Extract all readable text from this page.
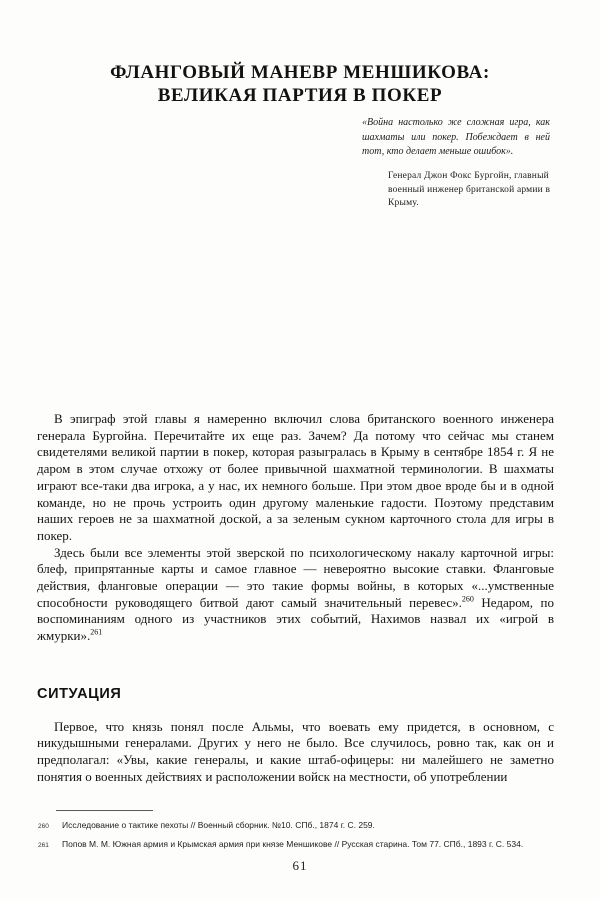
ФЛАНГОВЫЙ МАНЕВР МЕНШИКОВА:
ВЕЛИКАЯ ПАРТИЯ В ПОКЕР

«Война настолько же сложная игра, как шахматы или покер. Побеждает в ней тот, кто делает меньше ошибок».

Генерал Джон Фокс Бургойн, главный военный инженер британской армии в Крыму.

В эпиграф этой главы я намеренно включил слова британского военного инженера генерала Бургойна. Перечитайте их еще раз. Зачем? Да потому что сейчас мы станем свидетелями великой партии в покер, которая разыгралась в Крыму в сентябре 1854 г. Я не даром в этом случае отхожу от более привычной шахматной терминологии. В шахматы играют все-таки два игрока, а у нас, их немного больше. При этом двое вроде бы и в одной команде, но не прочь устроить один другому маленькие гадости. Поэтому представим наших героев не за шахматной доской, а за зеленым сукном карточного стола для игры в покер.

Здесь были все элементы этой зверской по психологическому накалу карточной игры: блеф, припрятанные карты и самое главное — невероятно высокие ставки. Фланговые действия, фланговые операции — это такие формы войны, в которых «...умственные способности руководящего битвой дают самый значительный перевес».$^{260}$ Недаром, по воспоминаниям одного из участников этих событий, Нахимов назвал их «игрой в жмурки».$^{261}$

СИТУАЦИЯ

Первое, что князь понял после Альмы, что воевать ему придется, в основном, с никудышными генералами. Других у него не было. Все случилось, ровно так, как он и предполагал: «Увы, какие генералы, и какие штаб-офицеры: ни малейшего не заметно понятия о военных действиях и расположении войск на местности, об употреблении

260	Исследование о тактике пехоты // Военный сборник. №10. СПб., 1874 г. С. 259.
261	Попов М. М. Южная армия и Крымская армия при князе Меншикове // Русская старина. Том 77. СПб., 1893 г. С. 534.
61
